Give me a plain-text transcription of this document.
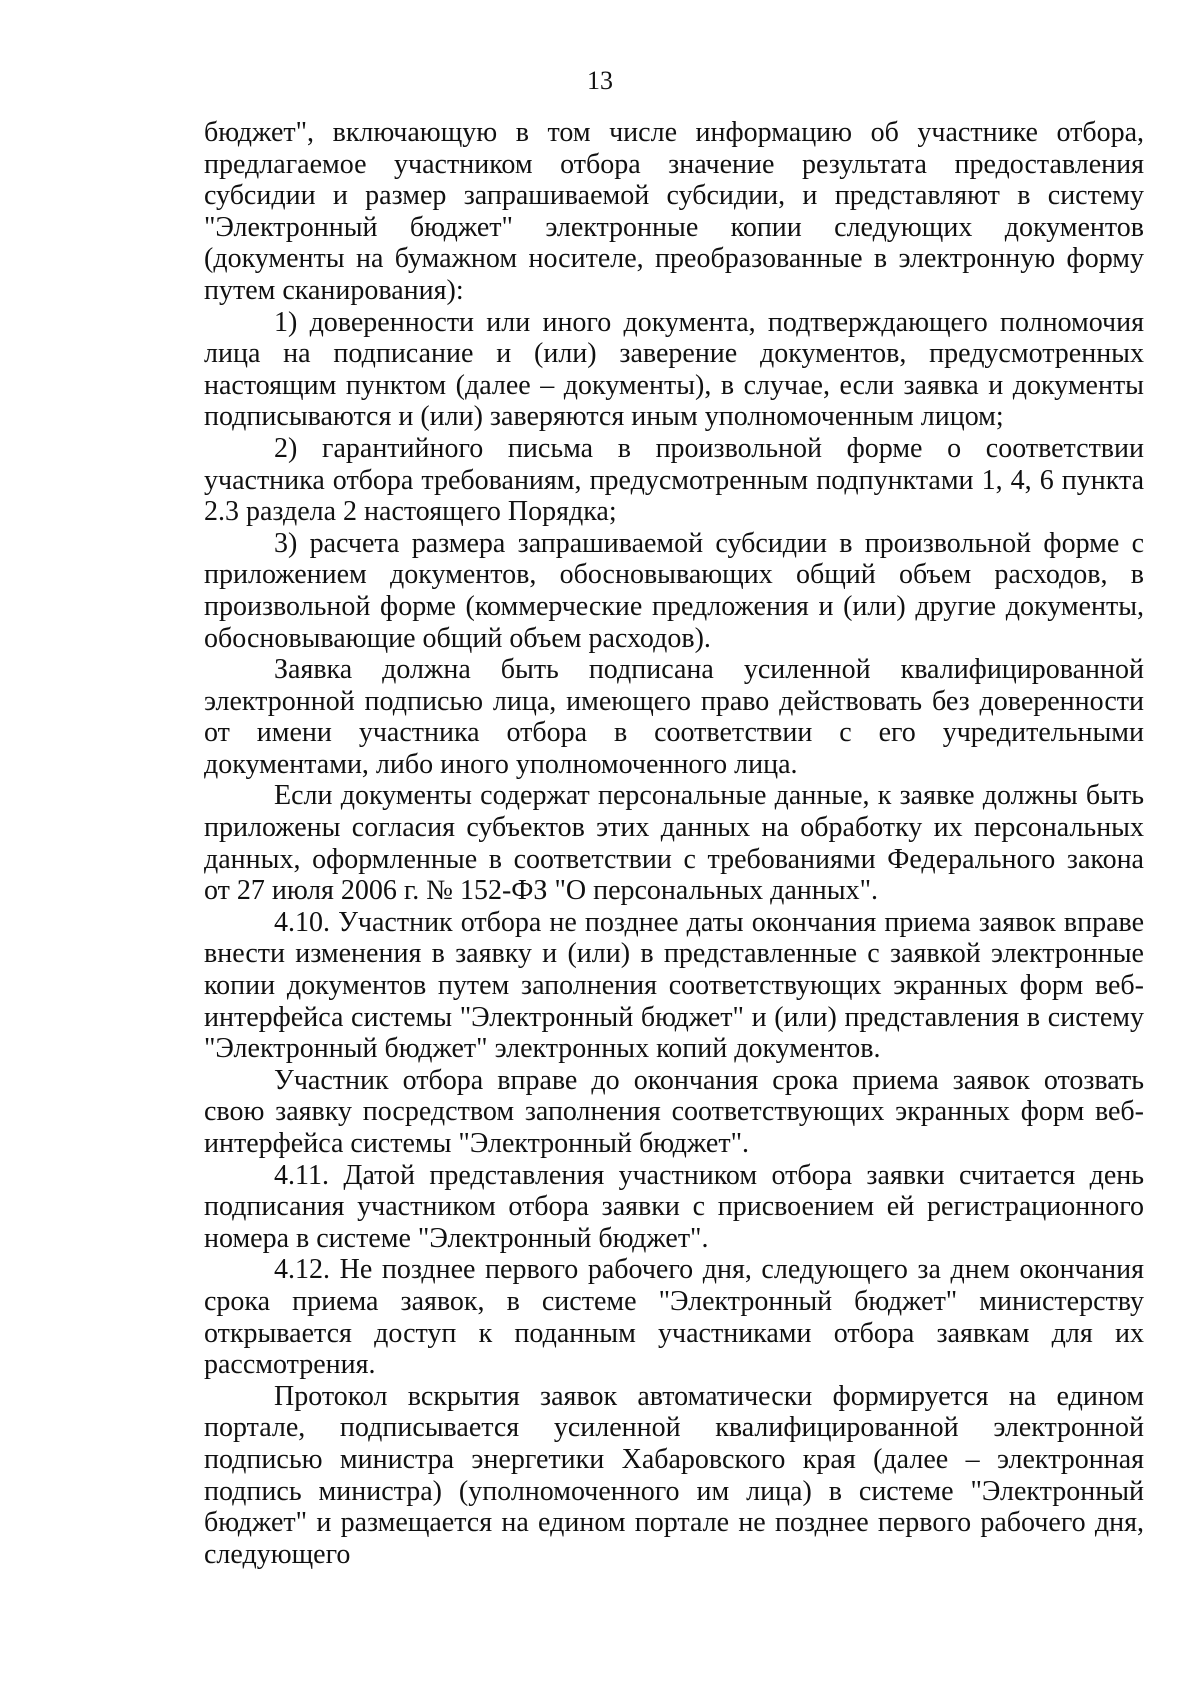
13

бюджет", включающую в том числе информацию об участнике отбора, предлагаемое участником отбора значение результата предоставления субсидии и размер запрашиваемой субсидии, и представляют в систему "Электронный бюджет" электронные копии следующих документов (документы на бумажном носителе, преобразованные в электронную форму путем сканирования):

1) доверенности или иного документа, подтверждающего полномочия лица на подписание и (или) заверение документов, предусмотренных настоящим пунктом (далее – документы), в случае, если заявка и документы подписываются и (или) заверяются иным уполномоченным лицом;

2) гарантийного письма в произвольной форме о соответствии участника отбора требованиям, предусмотренным подпунктами 1, 4, 6 пункта 2.3 раздела 2 настоящего Порядка;

3) расчета размера запрашиваемой субсидии в произвольной форме с приложением документов, обосновывающих общий объем расходов, в произвольной форме (коммерческие предложения и (или) другие документы, обосновывающие общий объем расходов).

Заявка должна быть подписана усиленной квалифицированной электронной подписью лица, имеющего право действовать без доверенности от имени участника отбора в соответствии с его учредительными документами, либо иного уполномоченного лица.

Если документы содержат персональные данные, к заявке должны быть приложены согласия субъектов этих данных на обработку их персональных данных, оформленные в соответствии с требованиями Федерального закона от 27 июля 2006 г. № 152-ФЗ "О персональных данных".

4.10. Участник отбора не позднее даты окончания приема заявок вправе внести изменения в заявку и (или) в представленные с заявкой электронные копии документов путем заполнения соответствующих экранных форм веб-интерфейса системы "Электронный бюджет" и (или) представления в систему "Электронный бюджет" электронных копий документов.

Участник отбора вправе до окончания срока приема заявок отозвать свою заявку посредством заполнения соответствующих экранных форм веб-интерфейса системы "Электронный бюджет".

4.11. Датой представления участником отбора заявки считается день подписания участником отбора заявки с присвоением ей регистрационного номера в системе "Электронный бюджет".

4.12. Не позднее первого рабочего дня, следующего за днем окончания срока приема заявок, в системе "Электронный бюджет" министерству открывается доступ к поданным участниками отбора заявкам для их рассмотрения.

Протокол вскрытия заявок автоматически формируется на едином портале, подписывается усиленной квалифицированной электронной подписью министра энергетики Хабаровского края (далее – электронная подпись министра) (уполномоченного им лица) в системе "Электронный бюджет" и размещается на едином портале не позднее первого рабочего дня, следующего
